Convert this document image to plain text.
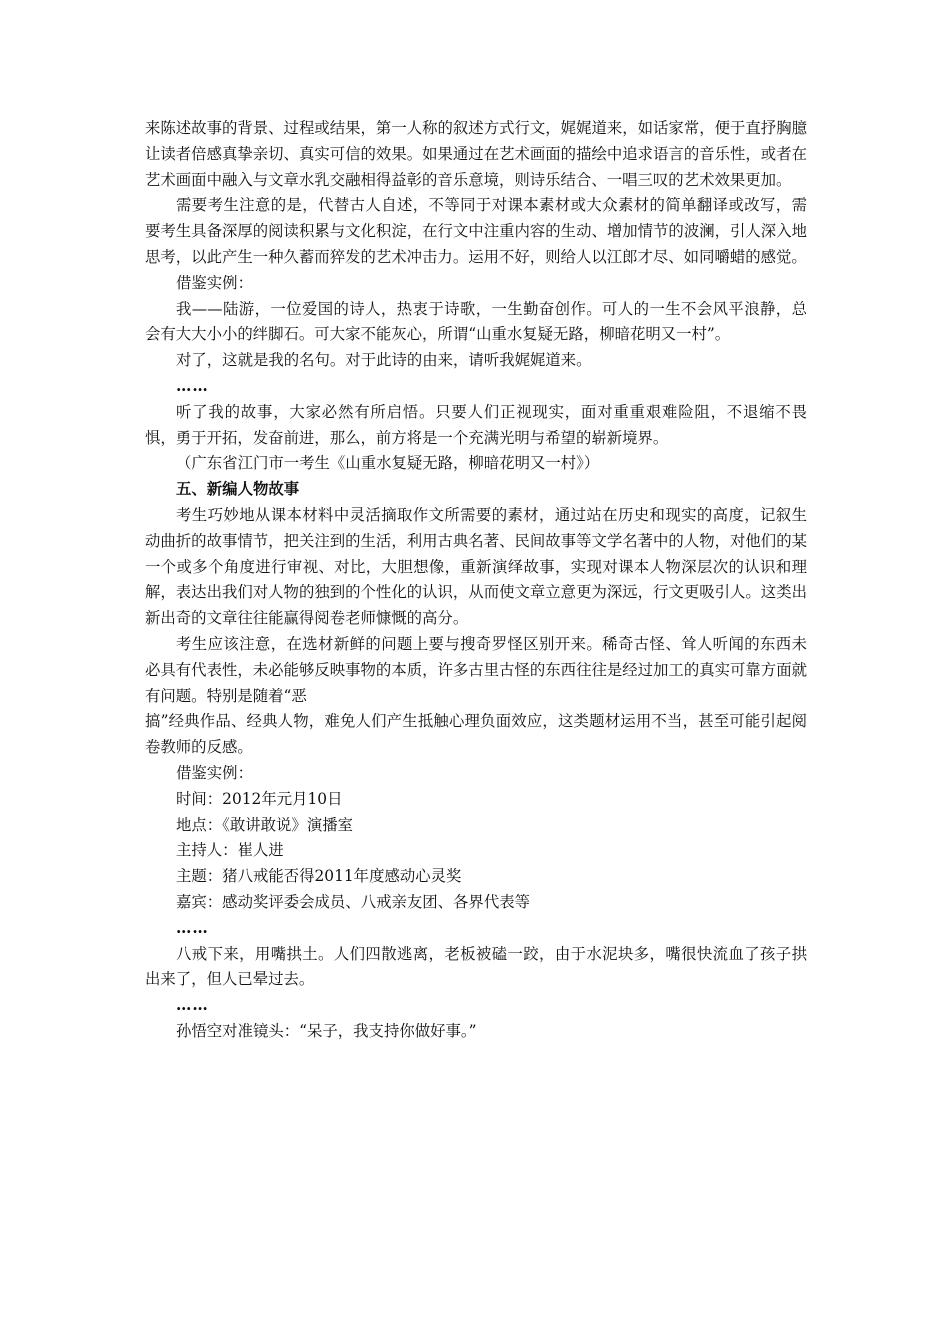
来陈述故事的背景、过程或结果，第一人称的叙述方式行文，娓娓道来，如话家常，便于直抒胸臆让读者倍感真挚亲切、真实可信的效果。如果通过在艺术画面的描绘中追求语言的音乐性，或者在艺术画面中融入与文章水乳交融相得益彰的音乐意境，则诗乐结合、一唱三叹的艺术效果更加。

需要考生注意的是，代替古人自述，不等同于对课本素材或大众素材的简单翻译或改写，需要考生具备深厚的阅读积累与文化积淀，在行文中注重内容的生动、增加情节的波澜，引人深入地思考，以此产生一种久蓄而猝发的艺术冲击力。运用不好，则给人以江郎才尽、如同嚼蜡的感觉。

借鉴实例：

我——陆游，一位爱国的诗人，热衷于诗歌，一生勤奋创作。可人的一生不会风平浪静，总会有大大小小的绊脚石。可大家不能灰心，所谓“山重水复疑无路，柳暗花明又一村”。

对了，这就是我的名句。对于此诗的由来，请听我娓娓道来。

……

听了我的故事，大家必然有所启悟。只要人们正视现实，面对重重艰难险阻，不退缩不畏惧，勇于开拓，发奋前进，那么，前方将是一个充满光明与希望的崭新境界。

（广东省江门市一考生《山重水复疑无路，柳暗花明又一村》）

五、新编人物故事

考生巧妙地从课本材料中灵活摘取作文所需要的素材，通过站在历史和现实的高度，记叙生动曲折的故事情节，把关注到的生活，利用古典名著、民间故事等文学名著中的人物，对他们的某一个或多个角度进行审视、对比，大胆想像，重新演绎故事，实现对课本人物深层次的认识和理解，表达出我们对人物的独到的个性化的认识，从而使文章立意更为深远，行文更吸引人。这类出新出奇的文章往往能赢得阅卷老师慷慨的高分。

考生应该注意，在选材新鲜的问题上要与搜奇罗怪区别开来。稀奇古怪、耸人听闻的东西未必具有代表性，未必能够反映事物的本质，许多古里古怪的东西往往是经过加工的真实可靠方面就有问题。特别是随着“恶

搞”经典作品、经典人物，难免人们产生抵触心理负面效应，这类题材运用不当，甚至可能引起阅卷教师的反感。

借鉴实例：

时间：2012年元月10日

地点：《敢讲敢说》演播室

主持人：崔人进

主题：猪八戒能否得2011年度感动心灵奖

嘉宾：感动奖评委会成员、八戒亲友团、各界代表等

……

八戒下来，用嘴拱土。人们四散逃离，老板被磕一跤，由于水泥块多，嘴很快流血了孩子拱出来了，但人已晕过去。

……

孙悟空对准镜头：“呆子，我支持你做好事。”
